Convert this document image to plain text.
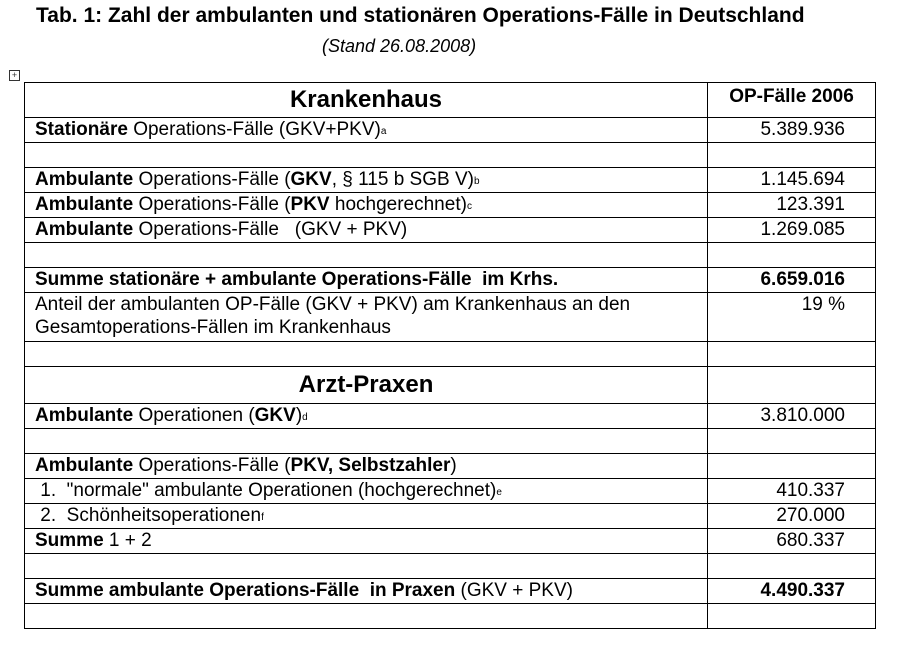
Tab. 1: Zahl der ambulanten und stationären Operations-Fälle in Deutschland
(Stand 26.08.2008)
+
Krankenhaus	OP-Fälle 2006
Stationäre Operations-Fälle $(GKV+PKV)^a$	5.389.936

Ambulante Operations-Fälle (GKV, § 115 b SGB V)$^b$	1.145.694
Ambulante Operations-Fälle (PKV hochgerechnet)$^c$	123.391
Ambulante Operations-Fälle   (GKV + PKV)	1.269.085

Summe stationäre + ambulante Operations-Fälle  im Krhs.	6.659.016
Anteil der ambulanten OP-Fälle (GKV + PKV) am Krankenhaus an den Gesamtoperations-Fällen im Krankenhaus	19 %

Arzt-Praxen	
Ambulante Operationen (GKV)$^d$	3.810.000

Ambulante Operations-Fälle (PKV, Selbstzahler)	
1.  "normale" ambulante Operationen (hochgerechnet)$^e$	410.337
2.  Schönheitsoperationen$^f$	270.000
Summe 1 + 2	680.337

Summe ambulante Operations-Fälle  in Praxen (GKV + PKV)	4.490.337
